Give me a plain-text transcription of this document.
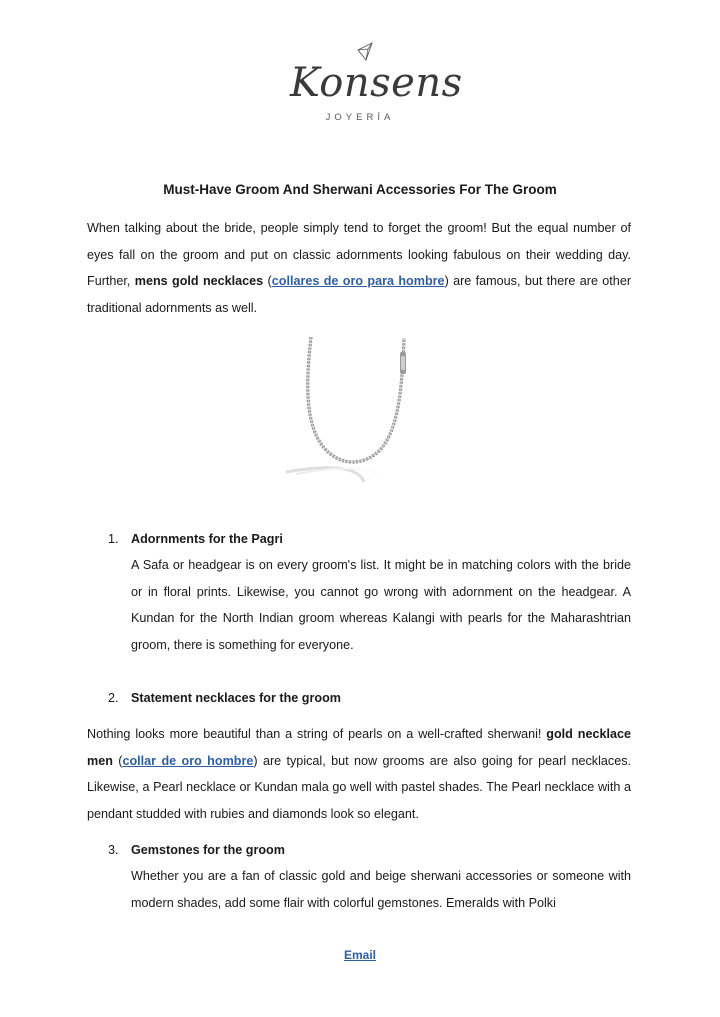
Konsens
JOYERÍA
Must-Have Groom And Sherwani Accessories For The Groom
When talking about the bride, people simply tend to forget the groom! But the equal number of eyes fall on the groom and put on classic adornments looking fabulous on their wedding day. Further, mens gold necklaces (collares de oro para hombre) are famous, but there are other traditional adornments as well.
1. Adornments for the Pagri
A Safa or headgear is on every groom's list. It might be in matching colors with the bride or in floral prints. Likewise, you cannot go wrong with adornment on the headgear. A Kundan for the North Indian groom whereas Kalangi with pearls for the Maharashtrian groom, there is something for everyone.
2. Statement necklaces for the groom
Nothing looks more beautiful than a string of pearls on a well-crafted sherwani! gold necklace men (collar de oro hombre) are typical, but now grooms are also going for pearl necklaces. Likewise, a Pearl necklace or Kundan mala go well with pastel shades. The Pearl necklace with a pendant studded with rubies and diamonds look so elegant.
3. Gemstones for the groom
Whether you are a fan of classic gold and beige sherwani accessories or someone with modern shades, add some flair with colorful gemstones. Emeralds with Polki
Email
